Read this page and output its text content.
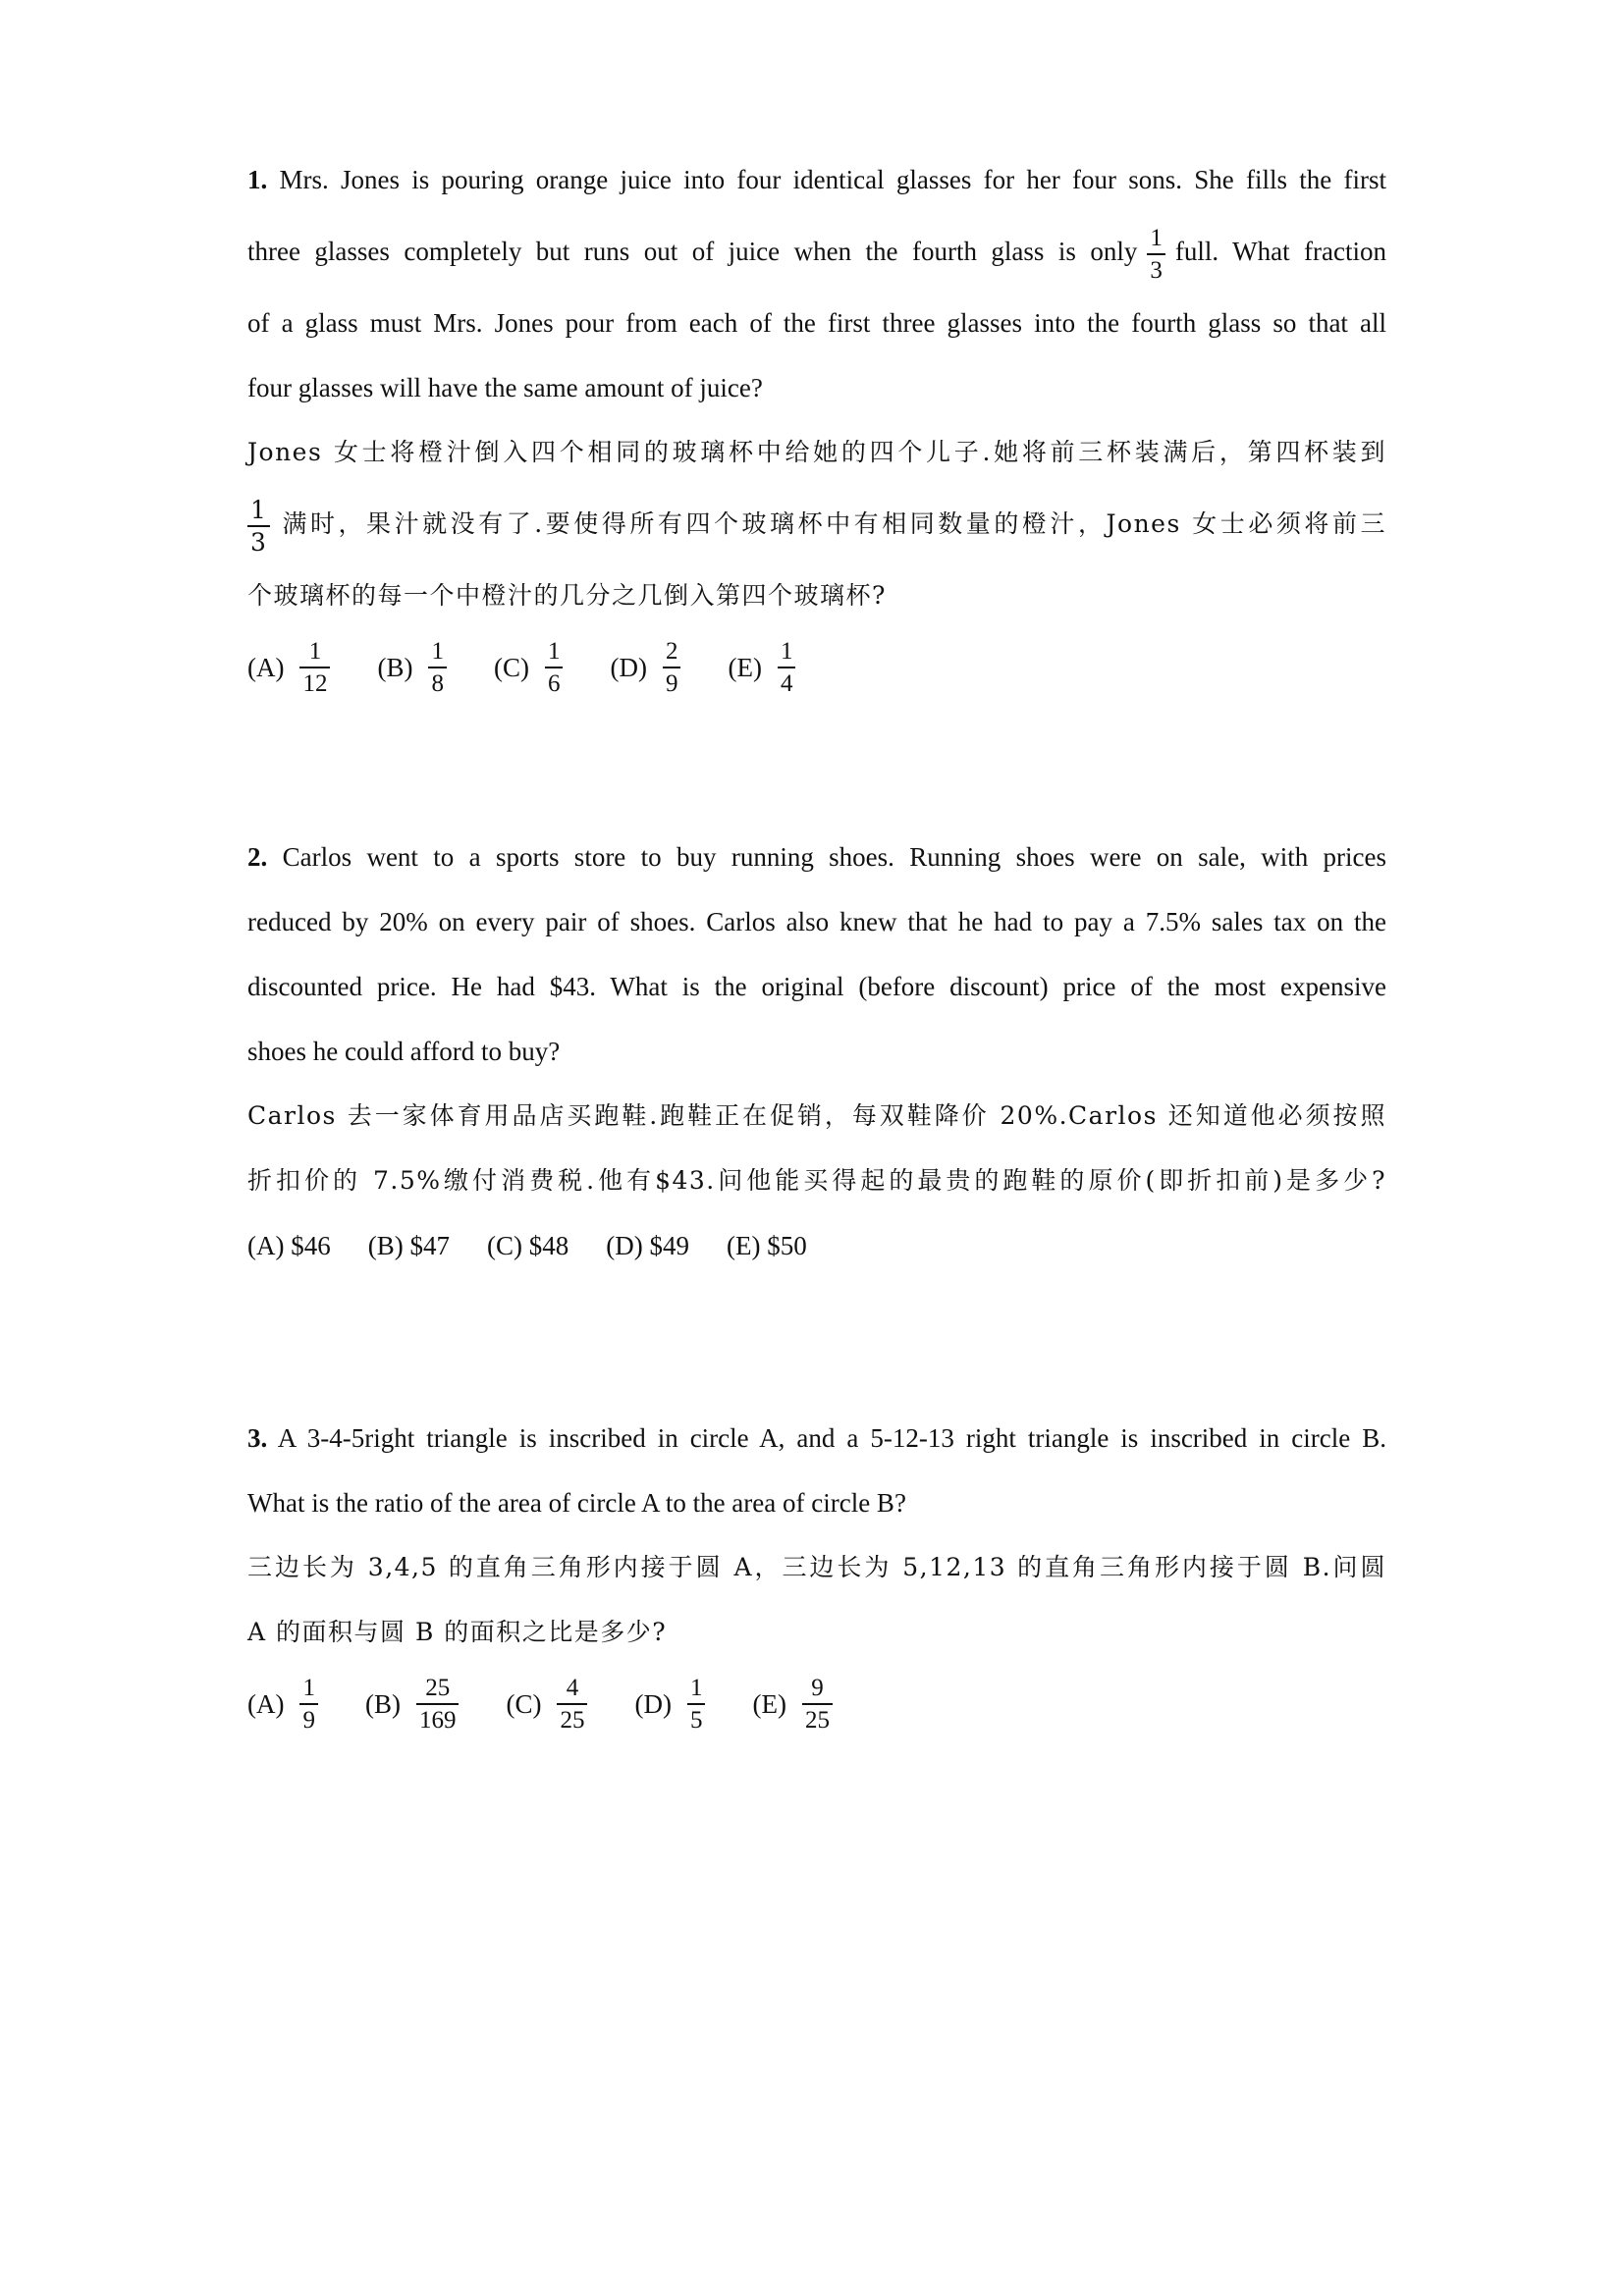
1. Mrs. Jones is pouring orange juice into four identical glasses for her four sons. She fills the first
three glasses completely but runs out of juice when the fourth glass is only $\frac{1}{3}$ full. What fraction
of a glass must Mrs. Jones pour from each of the first three glasses into the fourth glass so that all
four glasses will have the same amount of juice?
Jones 女士将橙汁倒入四个相同的玻璃杯中给她的四个儿子.她将前三杯装满后，第四杯装到
$\frac{1}{3}$ 满时，果汁就没有了.要使得所有四个玻璃杯中有相同数量的橙汁，Jones 女士必须将前三
个玻璃杯的每一个中橙汁的几分之几倒入第四个玻璃杯?
$(A) \frac{1}{12} (B) \frac{1}{8} (C) \frac{1}{6} (D) \frac{2}{9} (E) \frac{1}{4}$
2. Carlos went to a sports store to buy running shoes. Running shoes were on sale, with prices
reduced by 20% on every pair of shoes. Carlos also knew that he had to pay a 7.5% sales tax on the
discounted price. He had $43. What is the original (before discount) price of the most expensive
shoes he could afford to buy?
Carlos 去一家体育用品店买跑鞋.跑鞋正在促销，每双鞋降价 20%.Carlos 还知道他必须按照
折扣价的 7.5%缴付消费税.他有$43.问他能买得起的最贵的跑鞋的原价(即折扣前)是多少?
(A) $46 (B) $47 (C) $48 (D) $49 (E) $50
3. A 3-4-5right triangle is inscribed in circle A, and a 5-12-13 right triangle is inscribed in circle B.
What is the ratio of the area of circle A to the area of circle B?
三边长为 3,4,5 的直角三角形内接于圆 A，三边长为 5,12,13 的直角三角形内接于圆 B.问圆
A 的面积与圆 B 的面积之比是多少?
$(A) \frac{1}{9} (B) \frac{25}{169} (C) \frac{4}{25} (D) \frac{1}{5} (E) \frac{9}{25}$
